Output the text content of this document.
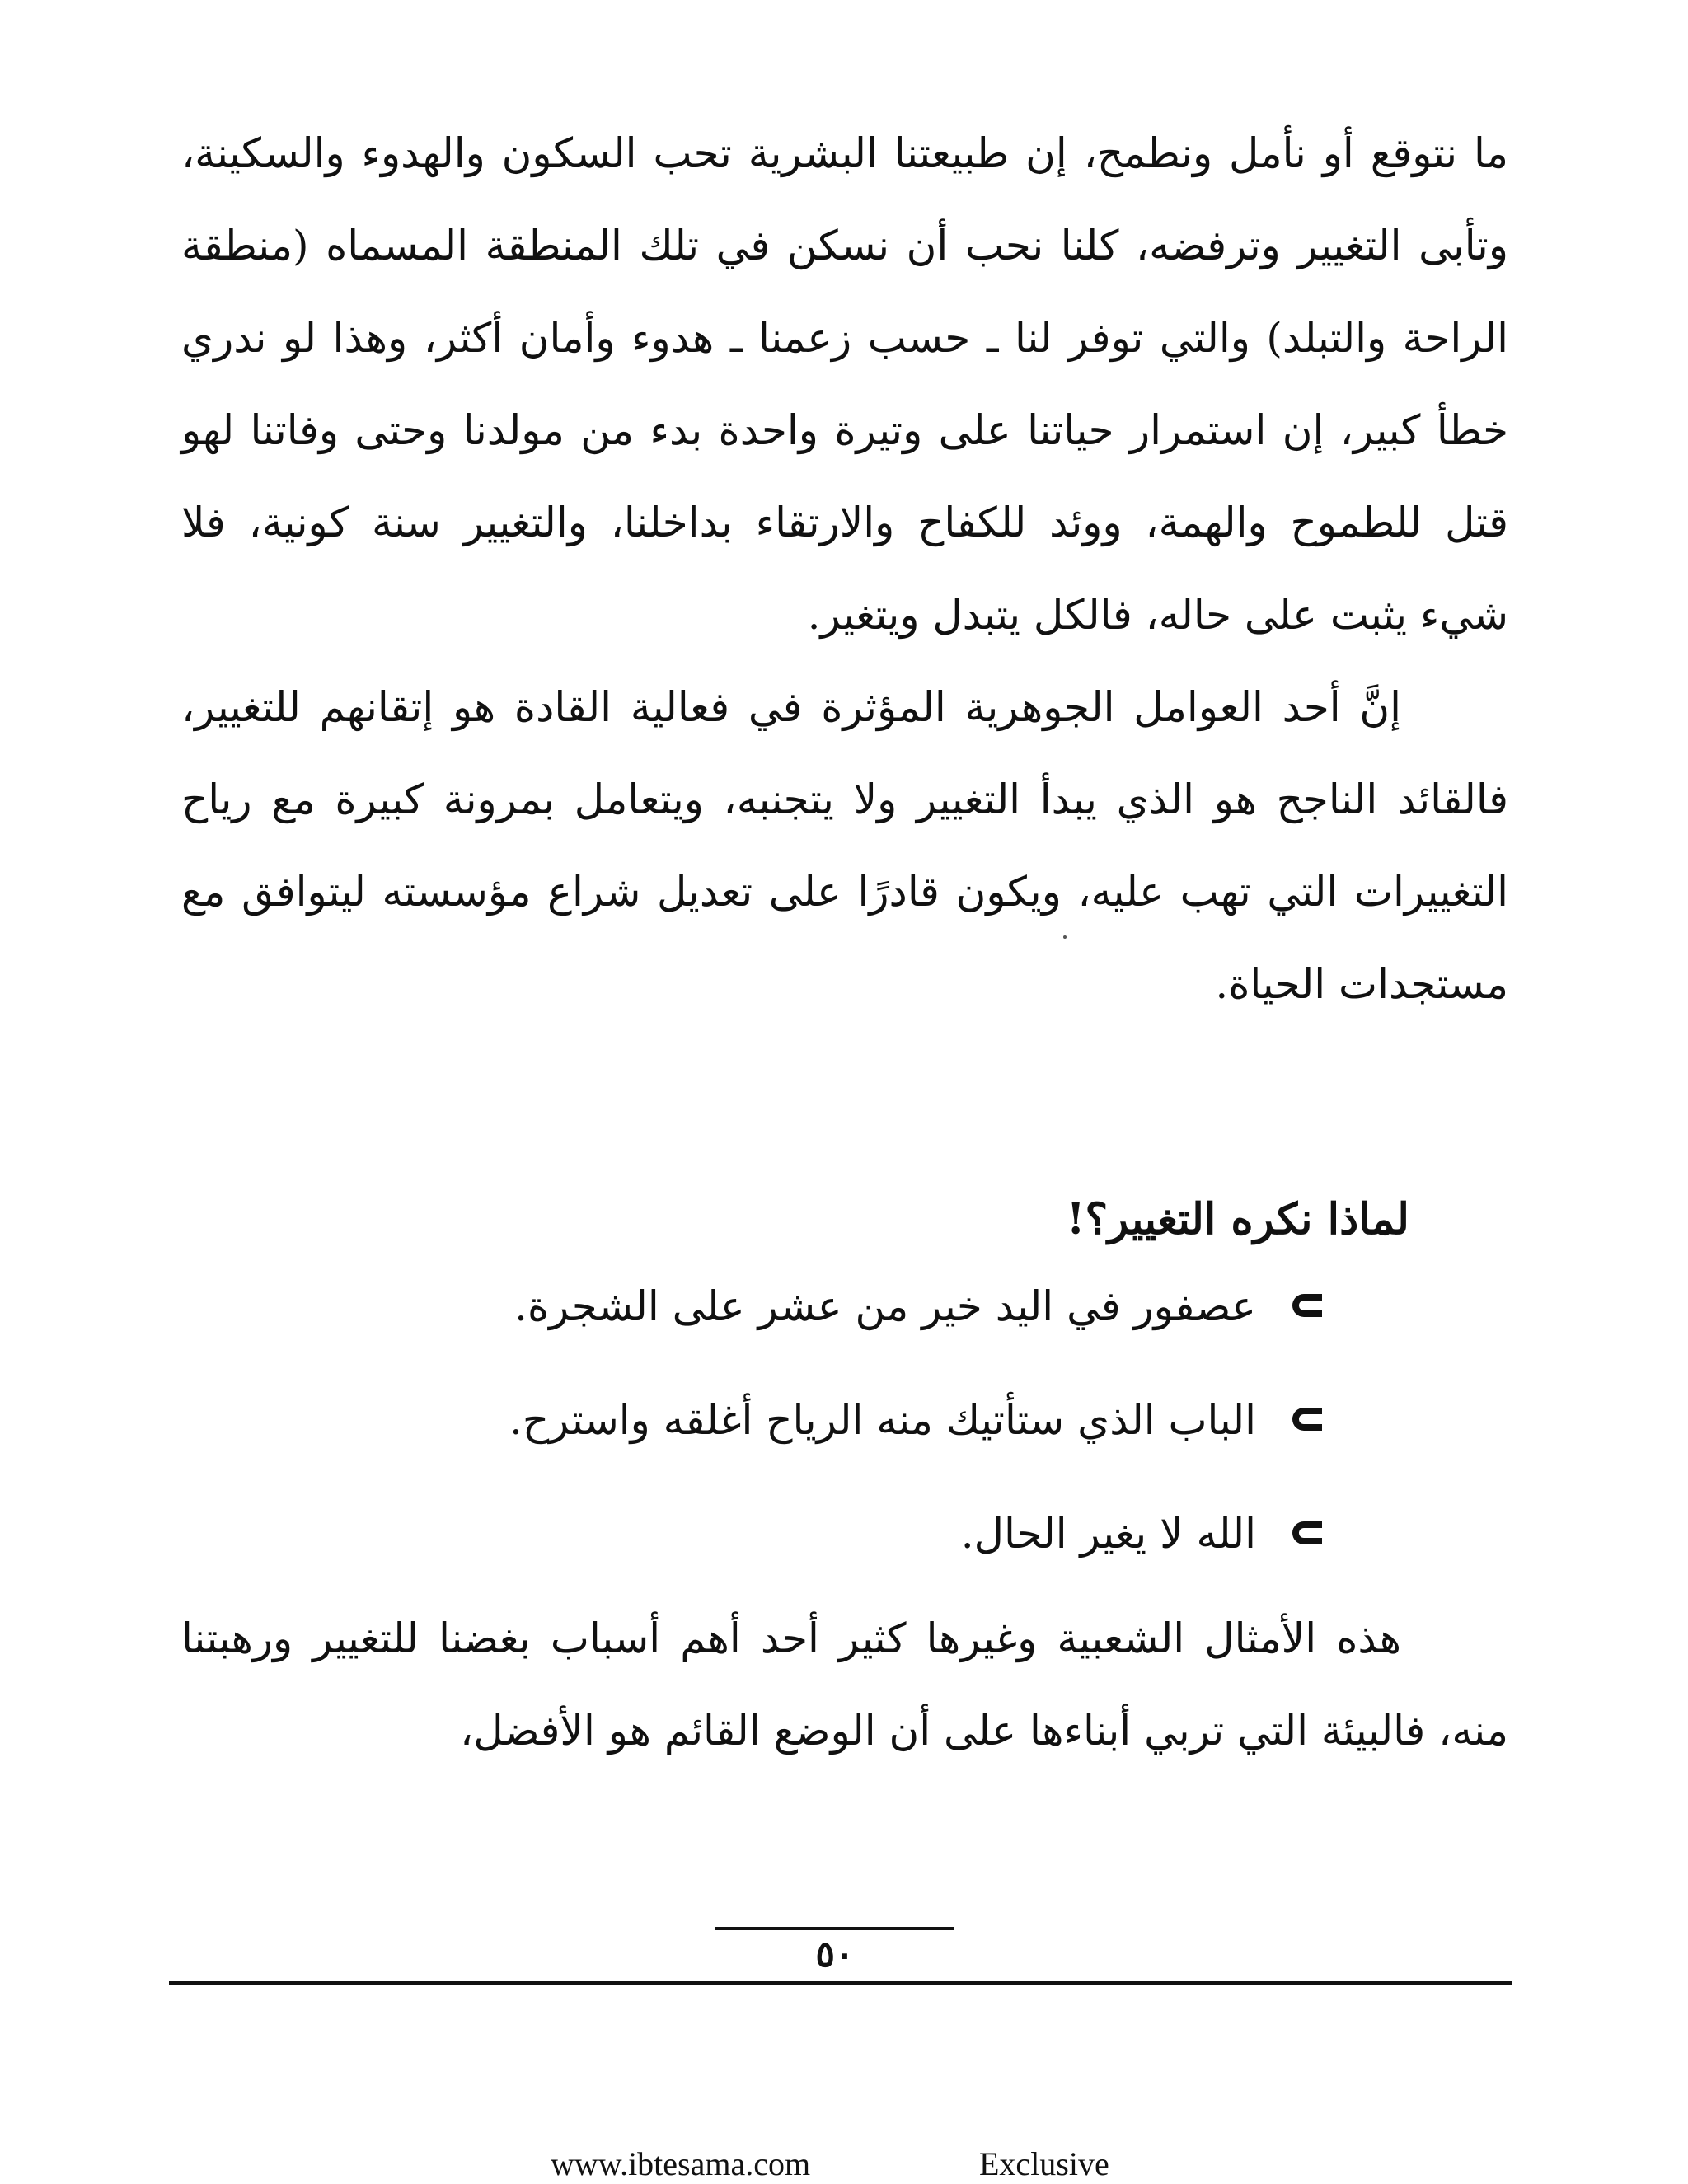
ما نتوقع أو نأمل ونطمح، إن طبيعتنا البشرية تحب السكون والهدوء والسكينة، وتأبى التغيير وترفضه، كلنا نحب أن نسكن في تلك المنطقة المسماه (منطقة الراحة والتبلد) والتي توفر لنا ـ حسب زعمنا ـ هدوء وأمان أكثر، وهذا لو ندري خطأ كبير، إن استمرار حياتنا على وتيرة واحدة بدء من مولدنا وحتى وفاتنا لهو قتل للطموح والهمة، ووئد للكفاح والارتقاء بداخلنا، والتغيير سنة كونية، فلا شيء يثبت على حاله، فالكل يتبدل ويتغير.

إنَّ أحد العوامل الجوهرية المؤثرة في فعالية القادة هو إتقانهم للتغيير، فالقائد الناجح هو الذي يبدأ التغيير ولا يتجنبه، ويتعامل بمرونة كبيرة مع رياح التغييرات التي تهب عليه، ويكون قادرًا على تعديل شراع مؤسسته ليتوافق مع مستجدات الحياة.

لماذا نكره التغيير؟!
عصفور في اليد خير من عشر على الشجرة.
الباب الذي ستأتيك منه الرياح أغلقه واسترح.
الله لا يغير الحال.

هذه الأمثال الشعبية وغيرها كثير أحد أهم أسباب بغضنا للتغيير ورهبتنا منه، فالبيئة التي تربي أبناءها على أن الوضع القائم هو الأفضل،

٥٠
www.ibtesama.com	Exclusive
